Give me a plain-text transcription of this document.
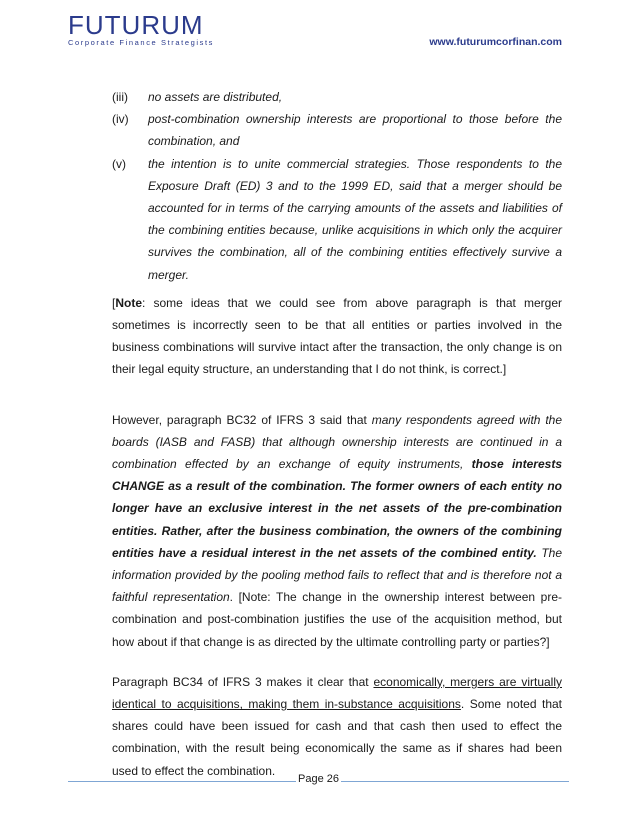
FUTURUM
Corporate Finance Strategists	www.futurumcorfinan.com
(iii)	no assets are distributed,
(iv)	post-combination ownership interests are proportional to those before the combination, and
(v)	the intention is to unite commercial strategies. Those respondents to the Exposure Draft (ED) 3 and to the 1999 ED, said that a merger should be accounted for in terms of the carrying amounts of the assets and liabilities of the combining entities because, unlike acquisitions in which only the acquirer survives the combination, all of the combining entities effectively survive a merger.

[Note: some ideas that we could see from above paragraph is that merger sometimes is incorrectly seen to be that all entities or parties involved in the business combinations will survive intact after the transaction, the only change is on their legal equity structure, an understanding that I do not think, is correct.]

However, paragraph BC32 of IFRS 3 said that many respondents agreed with the boards (IASB and FASB) that although ownership interests are continued in a combination effected by an exchange of equity instruments, those interests CHANGE as a result of the combination. The former owners of each entity no longer have an exclusive interest in the net assets of the pre-combination entities. Rather, after the business combination, the owners of the combining entities have a residual interest in the net assets of the combined entity. The information provided by the pooling method fails to reflect that and is therefore not a faithful representation. [Note: The change in the ownership interest between pre-combination and post-combination justifies the use of the acquisition method, but how about if that change is as directed by the ultimate controlling party or parties?]

Paragraph BC34 of IFRS 3 makes it clear that economically, mergers are virtually identical to acquisitions, making them in-substance acquisitions. Some noted that shares could have been issued for cash and that cash then used to effect the combination, with the result being economically the same as if shares had been used to effect the combination.

Page 26
